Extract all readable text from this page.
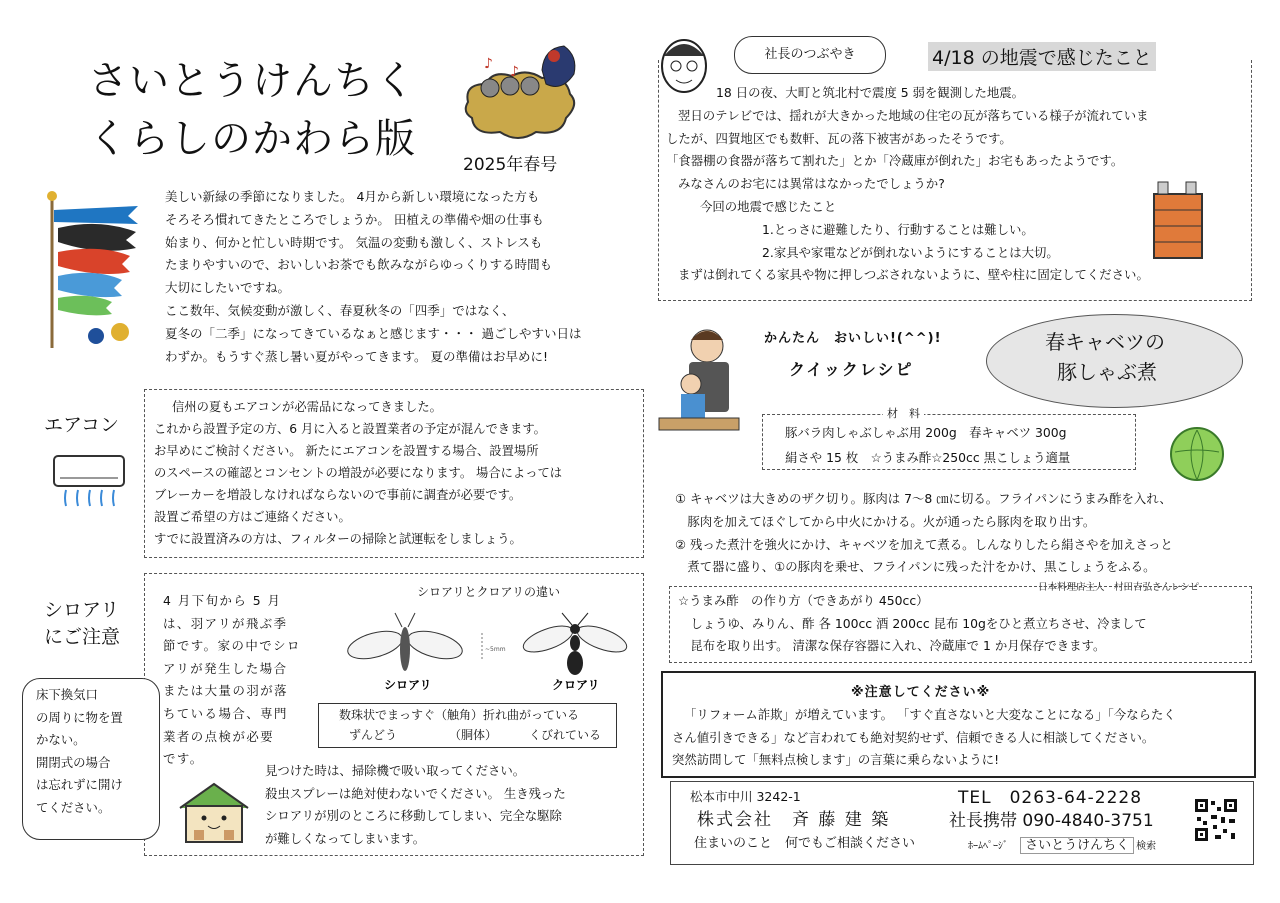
さいとうけんちく
くらしのかわら版
2025年春号
♪ ♪

美しい新緑の季節になりました。 4月から新しい環境になった方も

そろそろ慣れてきたところでしょうか。 田植えの準備や畑の仕事も

始まり、何かと忙しい時期です。 気温の変動も激しく、ストレスも

たまりやすいので、おいしいお茶でも飲みながらゆっくりする時間も

大切にしたいですね。

ここ数年、気候変動が激しく、春夏秋冬の「四季」ではなく、

夏冬の「二季」になってきているなぁと感じます・・・ 過ごしやすい日は

わずか。もうすぐ蒸し暑い夏がやってきます。 夏の準備はお早めに!

エアコン

信州の夏もエアコンが必需品になってきました。

これから設置予定の方、6 月に入ると設置業者の予定が混んできます。

お早めにご検討ください。 新たにエアコンを設置する場合、設置場所

のスペースの確認とコンセントの増設が必要になります。 場合によっては

ブレーカーを増設しなければならないので事前に調査が必要です。

設置ご希望の方はご連絡ください。

すでに設置済みの方は、フィルターの掃除と試運転をしましょう。

シロアリ
にご注意

4 月下旬から 5 月

は、羽アリが飛ぶ季

節です。家の中でシロ

アリが発生した場合

または大量の羽が落

ちている場合、専門

業者の点検が必要

です。

シロアリとクロアリの違い
~5mm
シロアリ	クロアリ
数珠状でまっすぐ（触角）折れ曲がっている
ずんどう	（胴体）	くびれている

見つけた時は、掃除機で吸い取ってください。

殺虫スプレーは絶対使わないでください。 生き残った

シロアリが別のところに移動してしまい、完全な駆除

が難しくなってしまいます。

床下換気口

の周りに物を置

かない。

開閉式の場合

は忘れずに開け

てください。

社長のつぶやき	4/18 の地震で感じたこと

18 日の夜、大町と筑北村で震度 5 弱を観測した地震。

翌日のテレビでは、揺れが大きかった地域の住宅の瓦が落ちている様子が流れていま

したが、四賀地区でも数軒、瓦の落下被害があったそうです。

「食器棚の食器が落ちて割れた」とか「冷蔵庫が倒れた」お宅もあったようです。

みなさんのお宅には異常はなかったでしょうか?

今回の地震で感じたこと

1.とっさに避難したり、行動することは難しい。

2.家具や家電などが倒れないようにすることは大切。

まずは倒れてくる家具や物に押しつぶされないように、壁や柱に固定してください。

かんたん　おいしい!(^^)!
クイックレシピ
春キャベツの
豚しゃぶ煮
材　料

豚バラ肉しゃぶしゃぶ用 200g　春キャベツ 300g

絹さや 15 枚　☆うまみ酢☆250cc 黒こしょう適量

① キャベツは大きめのザク切り。豚肉は 7～8 ㎝に切る。フライパンにうまみ酢を入れ、

　豚肉を加えてほぐしてから中火にかける。火が通ったら豚肉を取り出す。

② 残った煮汁を強火にかけ、キャベツを加えて煮る。しんなりしたら絹さやを加えさっと

　煮て器に盛り、①の豚肉を乗せ、フライパンに残った汁をかけ、黒こしょうをふる。

日本料理店主人　村田吉弘さんレシピ

☆うまみ酢　の作り方（できあがり 450cc）

　しょうゆ、みりん、酢 各 100cc 酒 200cc 昆布 10gをひと煮立ちさせ、冷まして

　昆布を取り出す。 清潔な保存容器に入れ、冷蔵庫で 1 か月保存できます。

※注意してください※

「リフォーム詐欺」が増えています。 「すぐ直さないと大変なことになる」「今ならたく

さん値引きできる」など言われても絶対契約せず、信頼できる人に相談してください。

突然訪問して「無料点検します」の言葉に乗らないように!

松本市中川 3242-1
株式会社　斉 藤 建 築
TEL　0263-64-2228
社長携帯 090-4840-3751
住まいのこと　何でもご相談ください	ﾎｰﾑﾍﾟｰｼﾞ さいとうけんちく 検索
